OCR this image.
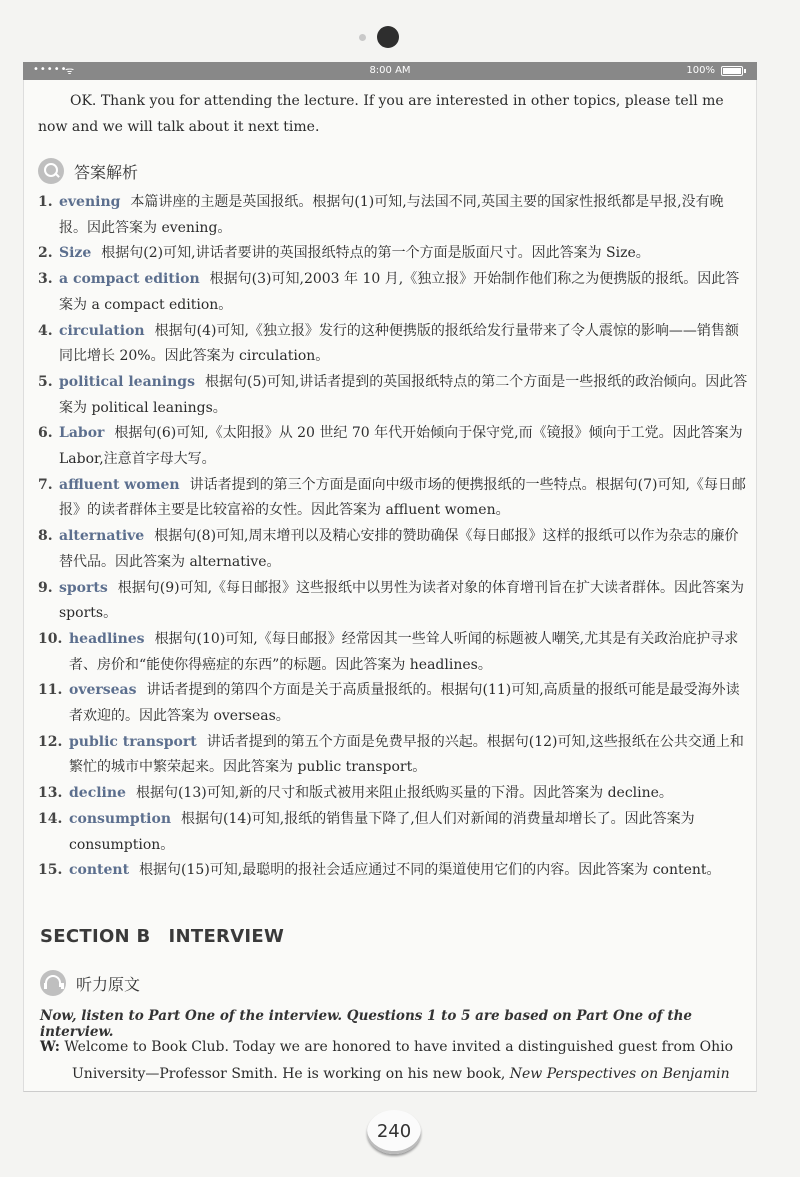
•••••
ᯤ	8:00 AM	100%

OK. Thank you for attending the lecture. If you are interested in other topics, please tell me now and we will talk about it next time.

答案解析
1. evening 本篇讲座的主题是英国报纸。根据句(1)可知,与法国不同,英国主要的国家性报纸都是早报,没有晚报。因此答案为 evening。
2. Size 根据句(2)可知,讲话者要讲的英国报纸特点的第一个方面是版面尺寸。因此答案为 Size。
3. a compact edition 根据句(3)可知,2003 年 10 月,《独立报》开始制作他们称之为便携版的报纸。因此答案为 a compact edition。
4. circulation 根据句(4)可知,《独立报》发行的这种便携版的报纸给发行量带来了令人震惊的影响——销售额同比增长 20%。因此答案为 circulation。
5. political leanings 根据句(5)可知,讲话者提到的英国报纸特点的第二个方面是一些报纸的政治倾向。因此答案为 political leanings。
6. Labor 根据句(6)可知,《太阳报》从 20 世纪 70 年代开始倾向于保守党,而《镜报》倾向于工党。因此答案为 Labor,注意首字母大写。
7. affluent women 讲话者提到的第三个方面是面向中级市场的便携报纸的一些特点。根据句(7)可知,《每日邮报》的读者群体主要是比较富裕的女性。因此答案为 affluent women。
8. alternative 根据句(8)可知,周末增刊以及精心安排的赞助确保《每日邮报》这样的报纸可以作为杂志的廉价替代品。因此答案为 alternative。
9. sports 根据句(9)可知,《每日邮报》这些报纸中以男性为读者对象的体育增刊旨在扩大读者群体。因此答案为 sports。
10. headlines 根据句(10)可知,《每日邮报》经常因其一些耸人听闻的标题被人嘲笑,尤其是有关政治庇护寻求者、房价和“能使你得癌症的东西”的标题。因此答案为 headlines。
11. overseas 讲话者提到的第四个方面是关于高质量报纸的。根据句(11)可知,高质量的报纸可能是最受海外读者欢迎的。因此答案为 overseas。
12. public transport 讲话者提到的第五个方面是免费早报的兴起。根据句(12)可知,这些报纸在公共交通上和繁忙的城市中繁荣起来。因此答案为 public transport。
13. decline 根据句(13)可知,新的尺寸和版式被用来阻止报纸购买量的下滑。因此答案为 decline。
14. consumption 根据句(14)可知,报纸的销售量下降了,但人们对新闻的消费量却增长了。因此答案为 consumption。
15. content 根据句(15)可知,最聪明的报社会适应通过不同的渠道使用它们的内容。因此答案为 content。
SECTION B INTERVIEW
听力原文
Now, listen to Part One of the interview. Questions 1 to 5 are based on Part One of the interview.
W: Welcome to Book Club. Today we are honored to have invited a distinguished guest from Ohio
University—Professor Smith. He is working on his new book, New Perspectives on Benjamin
240
